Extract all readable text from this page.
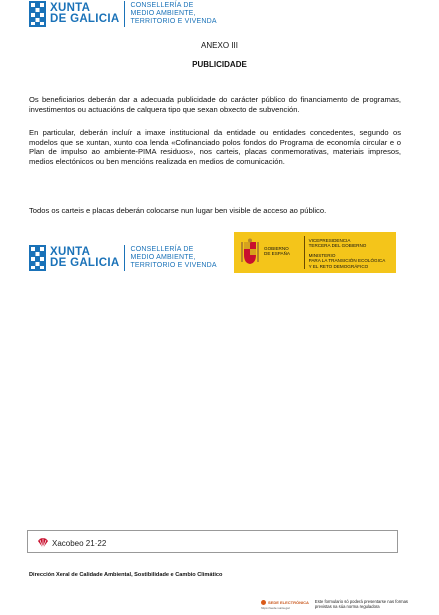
XUNTA
DE GALICIA
CONSELLERÍA DE
MEDIO AMBIENTE,
TERRITORIO E VIVENDA
ANEXO III
PUBLICIDADE
Os beneficiarios deberán dar a adecuada publicidade do carácter público do financiamento de programas, investimentos ou actuacións de calquera tipo que sexan obxecto de subvención.
En particular, deberán incluír a imaxe institucional da entidade ou entidades concedentes, segundo os modelos que se xuntan, xunto coa lenda «Cofinanciado polos fondos do Programa de economía circular e o Plan de impulso ao ambiente-PIMA residuos», nos carteis, placas conmemorativas, materiais impresos, medios electónicos ou ben mencións realizada en medios de comunicación.
Todos os carteis e placas deberán colocarse nun lugar ben visible de acceso ao público.
XUNTA
DE GALICIA
CONSELLERÍA DE
MEDIO AMBIENTE,
TERRITORIO E VIVENDA
GOBIERNO
DE ESPAÑA
VICEPRESIDENCIA
TERCERA DEL GOBIERNO
MINISTERIO
PARA LA TRANSICIÓN ECOLÓGICA
Y EL RETO DEMOGRÁFICO
Xacobeo 21·22
Dirección Xeral de Calidade Ambiental, Sostibilidade e Cambio Climático
SEDE ELECTRÓNICA
https://sede.xunta.gal
Este formulario só poderá presentarse nas formas previstas na súa norma reguladora
